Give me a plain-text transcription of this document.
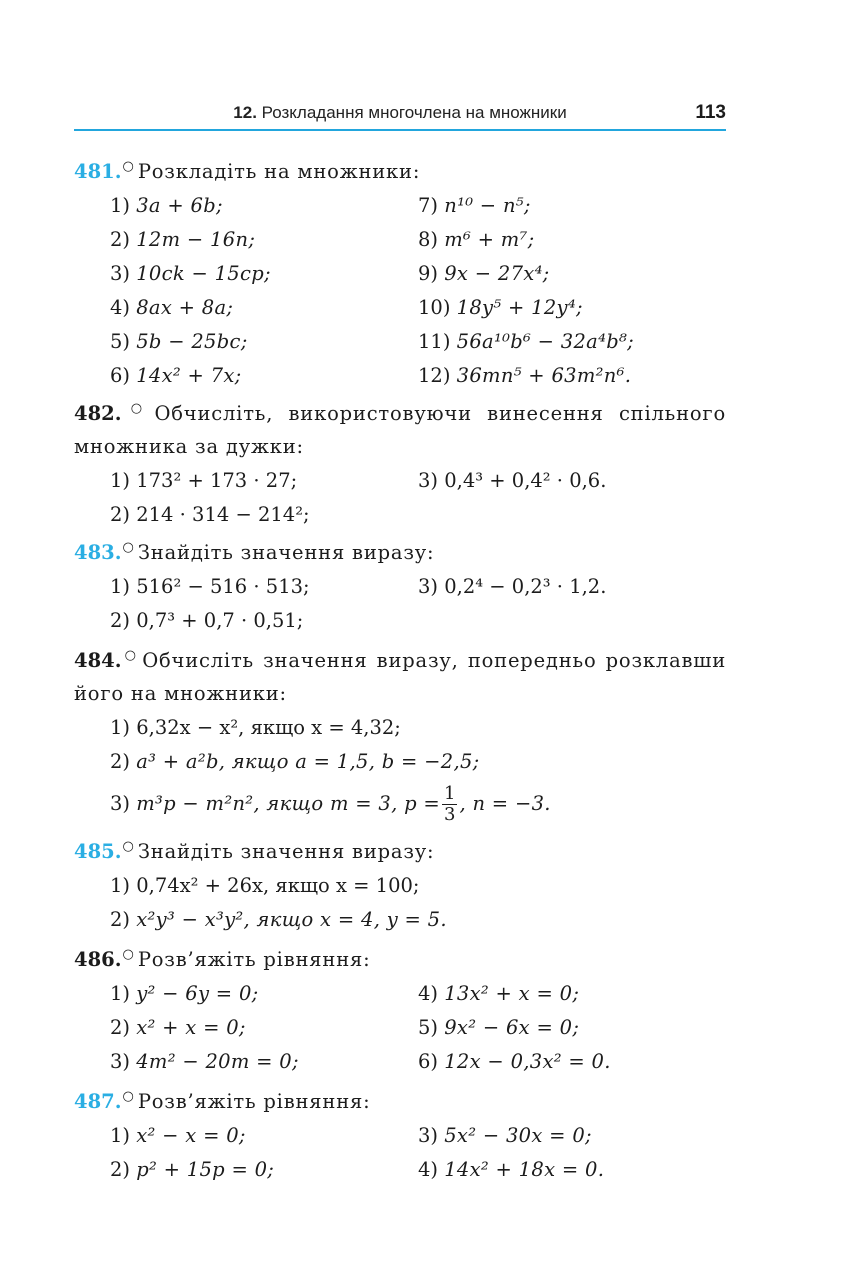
12. Розкладання многочлена на множники	113
481.○ Розкладіть на множники:
1) 3a + 6b;	7) n¹⁰ − n⁵;
2) 12m − 16n;	8) m⁶ + m⁷;
3) 10ck − 15cp;	9) 9x − 27x⁴;
4) 8ax + 8a;	10) 18y⁵ + 12y⁴;
5) 5b − 25bc;	11) 56a¹⁰b⁶ − 32a⁴b⁸;
6) 14x² + 7x;	12) 36mn⁵ + 63m²n⁶.
482.○ Обчисліть, використовуючи винесення спільного множника за дужки:
1) 173² + 173 · 27;	3) 0,4³ + 0,4² · 0,6.
2) 214 · 314 − 214²;
483.○ Знайдіть значення виразу:
1) 516² − 516 · 513;	3) 0,2⁴ − 0,2³ · 1,2.
2) 0,7³ + 0,7 · 0,51;
484.○ Обчисліть значення виразу, попередньо розклавши його на множники:
1) 6,32x − x², якщо x = 4,32;
2) a³ + a²b, якщо a = 1,5, b = −2,5;
3) m³p − m²n², якщо m = 3, $p = \frac{1}{3}$ , n = −3.
485.○ Знайдіть значення виразу:
1) 0,74x² + 26x, якщо x = 100;
2) x²y³ − x³y², якщо x = 4, y = 5.
486.○ Розв’яжіть рівняння:
1) y² − 6y = 0;	4) 13x² + x = 0;
2) x² + x = 0;	5) 9x² − 6x = 0;
3) 4m² − 20m = 0;	6) 12x − 0,3x² = 0.
487.○ Розв’яжіть рівняння:
1) x² − x = 0;	3) 5x² − 30x = 0;
2) p² + 15p = 0;	4) 14x² + 18x = 0.
